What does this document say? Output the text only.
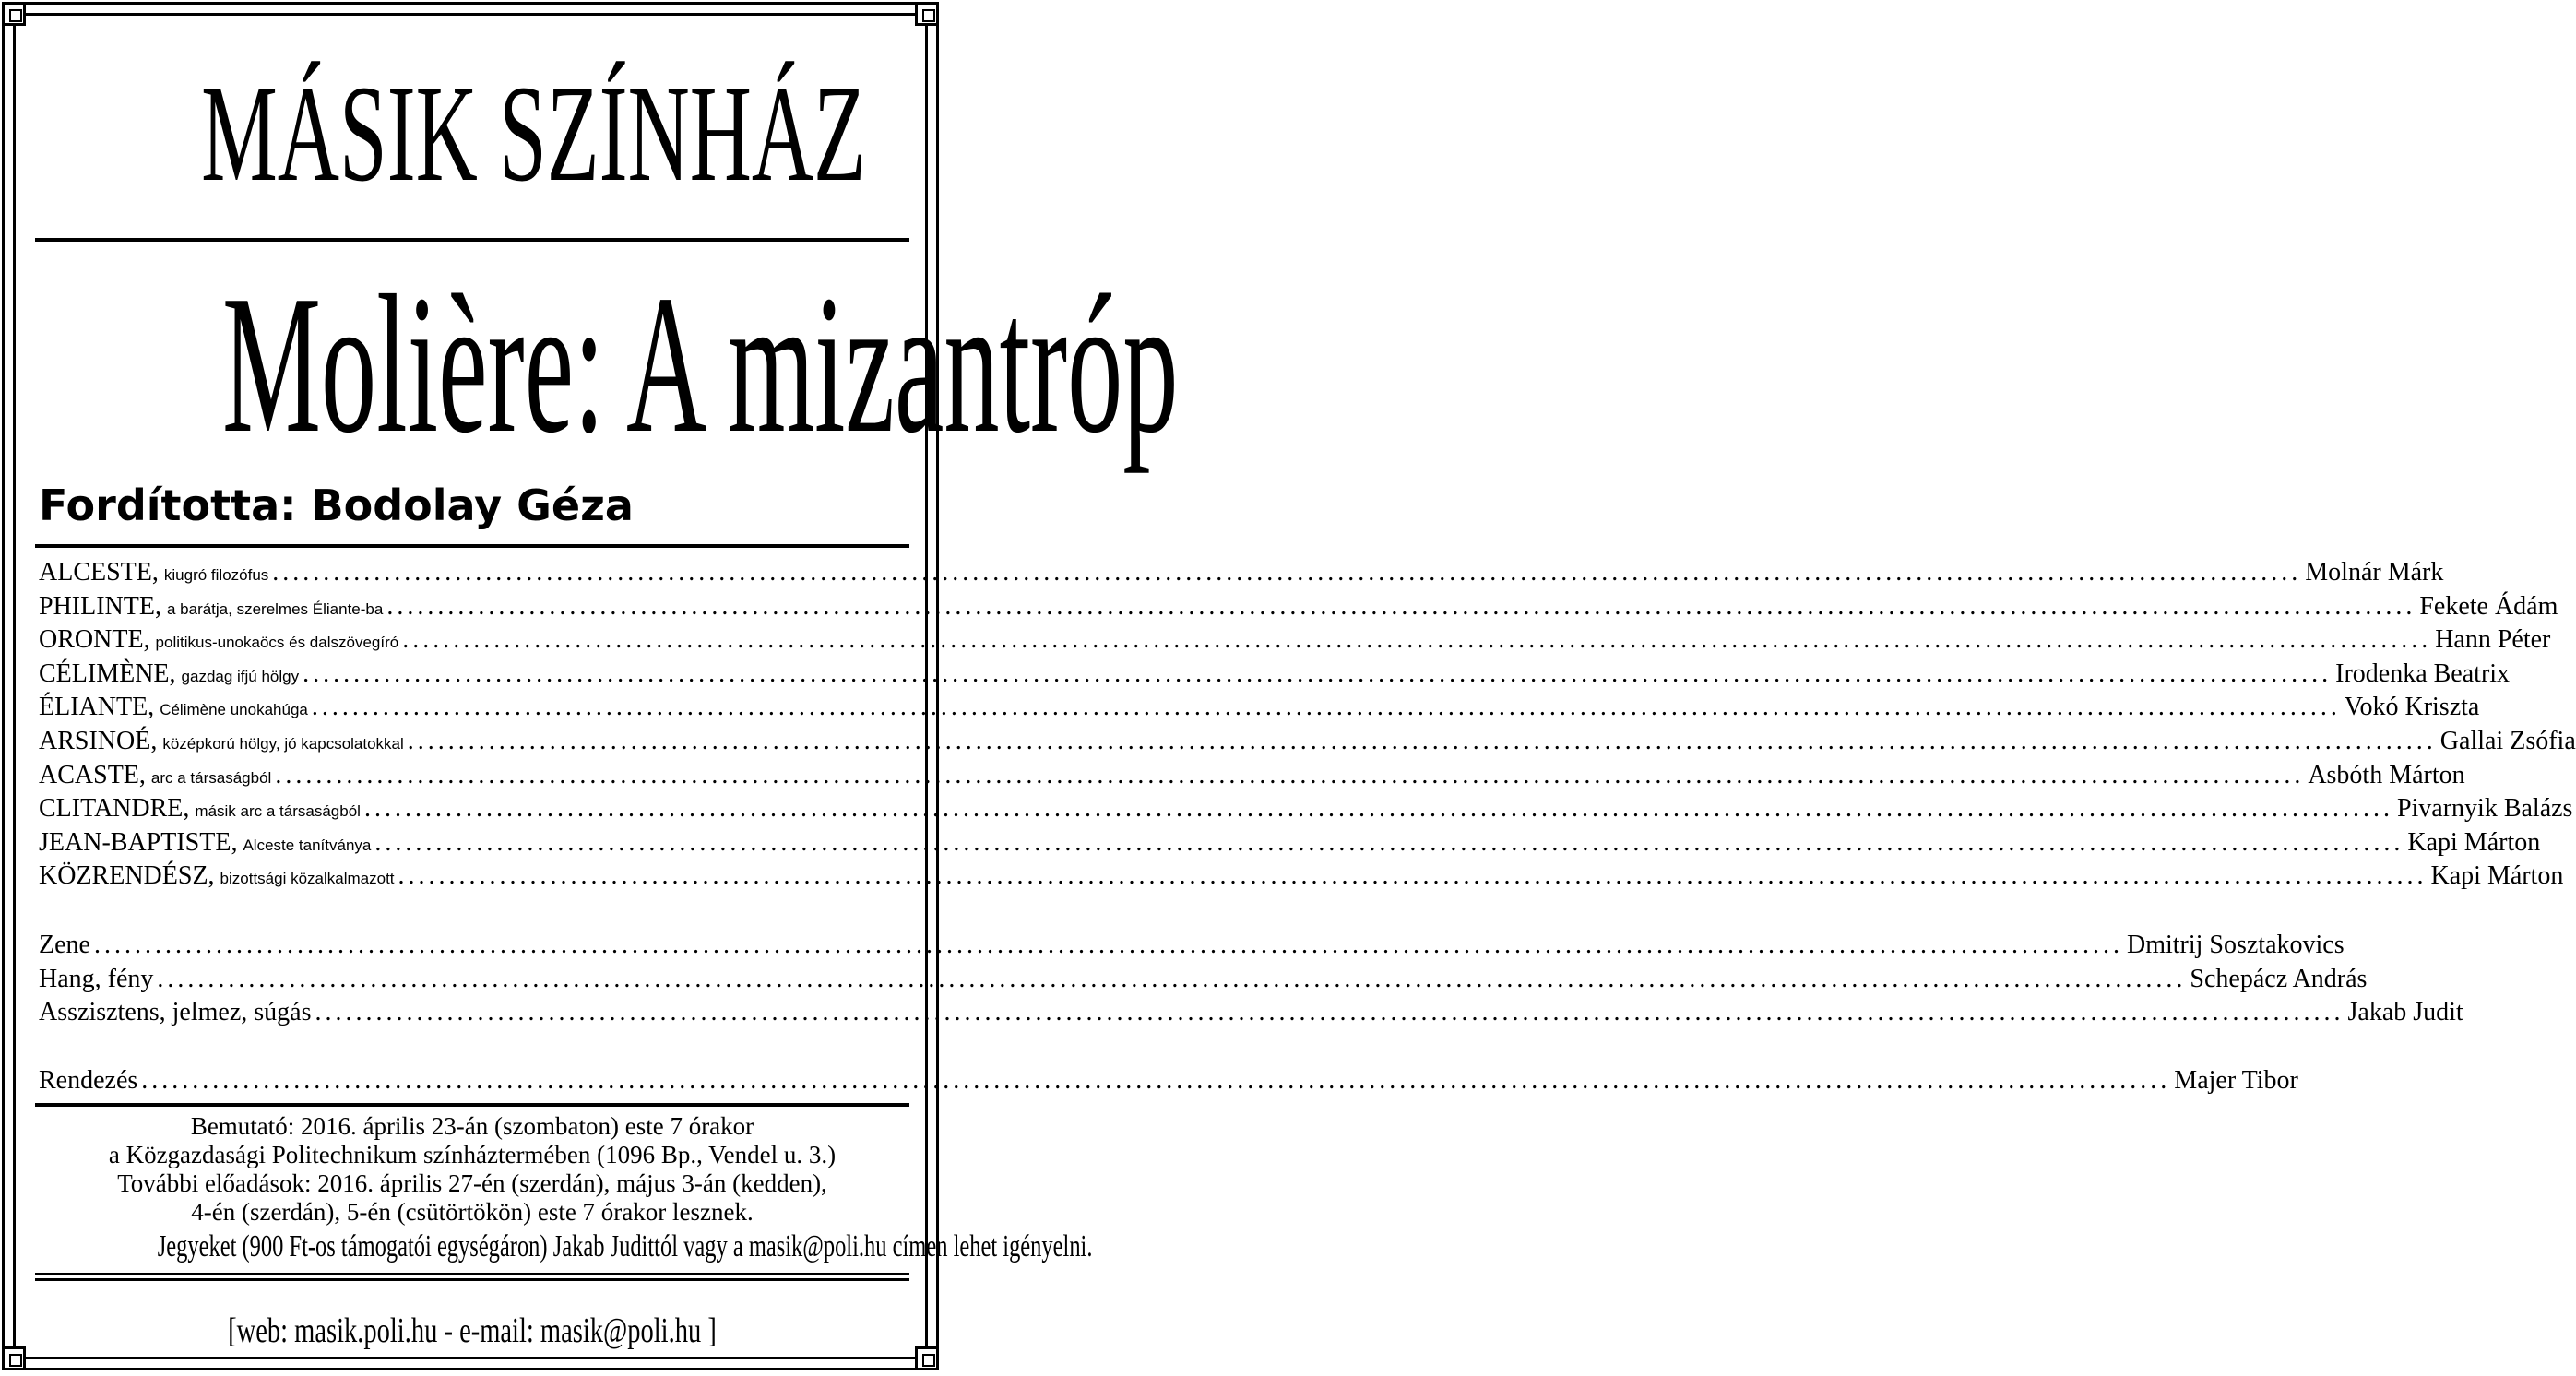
MÁSIK SZÍNHÁZ
Molière: A mizantróp
Fordította: Bodolay Géza
ALCESTE, kiugró filozófus ........................................................................................................................................................................................................ Molnár Márk
PHILINTE, a barátja, szerelmes Éliante-ba ........................................................................................................................................................................................................ Fekete Ádám
ORONTE, politikus-unokaöcs és dalszövegíró ........................................................................................................................................................................................................ Hann Péter
CÉLIMÈNE, gazdag ifjú hölgy ........................................................................................................................................................................................................ Irodenka Beatrix
ÉLIANTE, Célimène unokahúga ........................................................................................................................................................................................................ Vokó Kriszta
ARSINOÉ, középkorú hölgy, jó kapcsolatokkal ........................................................................................................................................................................................................ Gallai Zsófia
ACASTE, arc a társaságból ........................................................................................................................................................................................................ Asbóth Márton
CLITANDRE, másik arc a társaságból ........................................................................................................................................................................................................ Pivarnyik Balázs
JEAN-BAPTISTE, Alceste tanítványa ........................................................................................................................................................................................................ Kapi Márton
KÖZRENDÉSZ, bizottsági közalkalmazott ........................................................................................................................................................................................................ Kapi Márton
Zene ........................................................................................................................................................................................................ Dmitrij Sosztakovics
Hang, fény ........................................................................................................................................................................................................ Schepácz András
Asszisztens, jelmez, súgás ........................................................................................................................................................................................................ Jakab Judit
Rendezés ........................................................................................................................................................................................................ Majer Tibor
Bemutató: 2016. április 23-án (szombaton) este 7 órakor
a Közgazdasági Politechnikum színháztermében (1096 Bp., Vendel u. 3.)
További előadások: 2016. április 27-én (szerdán), május 3-án (kedden),
4-én (szerdán), 5-én (csütörtökön) este 7 órakor lesznek.
Jegyeket (900 Ft-os támogatói egységáron) Jakab Judittól vagy a masik@poli.hu címen lehet igényelni.
[web: masik.poli.hu - e-mail: masik@poli.hu ]
